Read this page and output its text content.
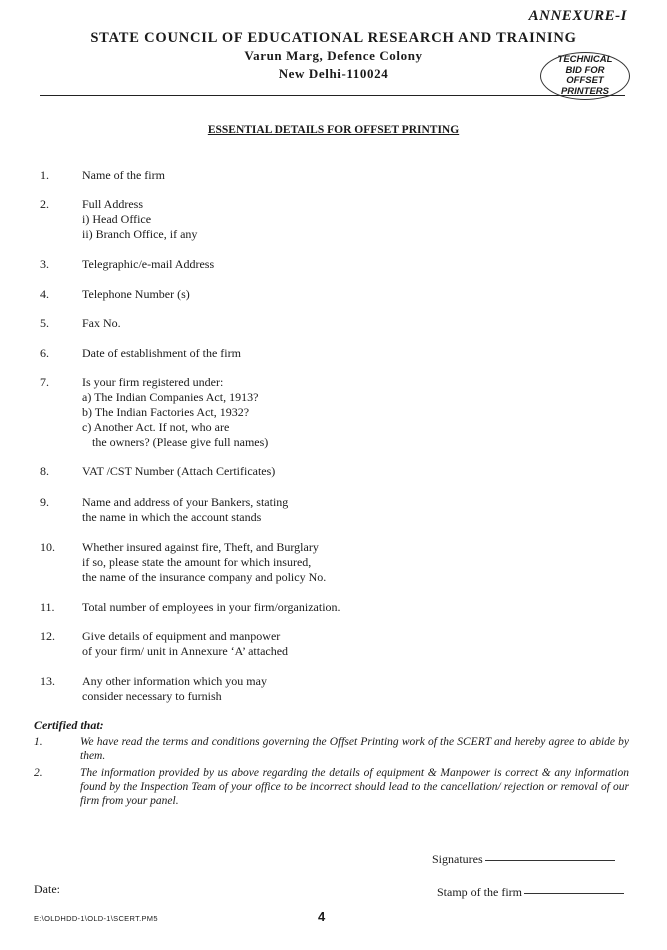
ANNEXURE-I
STATE COUNCIL OF EDUCATIONAL RESEARCH AND TRAINING
Varun Marg, Defence Colony
New Delhi-110024
TECHNICAL
BID FOR
OFFSET
PRINTERS
ESSENTIAL DETAILS FOR OFFSET PRINTING
1.	Name of the firm
2.	Full Address
i) Head Office
ii) Branch Office, if any
3.	Telegraphic/e-mail Address
4.	Telephone Number (s)
5.	Fax No.
6.	Date of establishment of the firm
7.	Is your firm registered under:
a) The Indian Companies Act, 1913?
b) The Indian Factories Act, 1932?
c) Another Act. If not, who are
the owners? (Please give full names)
8.	VAT /CST Number (Attach Certificates)
9.	Name and address of your Bankers, stating
the name in which the account stands
10.	Whether insured against fire, Theft, and Burglary
if so, please state the amount for which insured,
the name of the insurance company and policy No.
11.	Total number of employees in your firm/organization.
12.	Give details of equipment and manpower
of your firm/ unit in Annexure ‘A’ attached
13.	Any other information which you may
consider necessary to furnish
Certified that:
1.	We have read the terms and conditions governing the Offset Printing work of the SCERT and hereby agree to abide by them.
2.	The information provided by us above regarding the details of equipment & Manpower is correct & any information found by the Inspection Team of your office to be incorrect should lead to the cancellation/ rejection or removal of our firm from your panel.
Signatures
Stamp of the firm
Date:
E:\OLDHDD-1\OLD-1\SCERT.PM5	4
